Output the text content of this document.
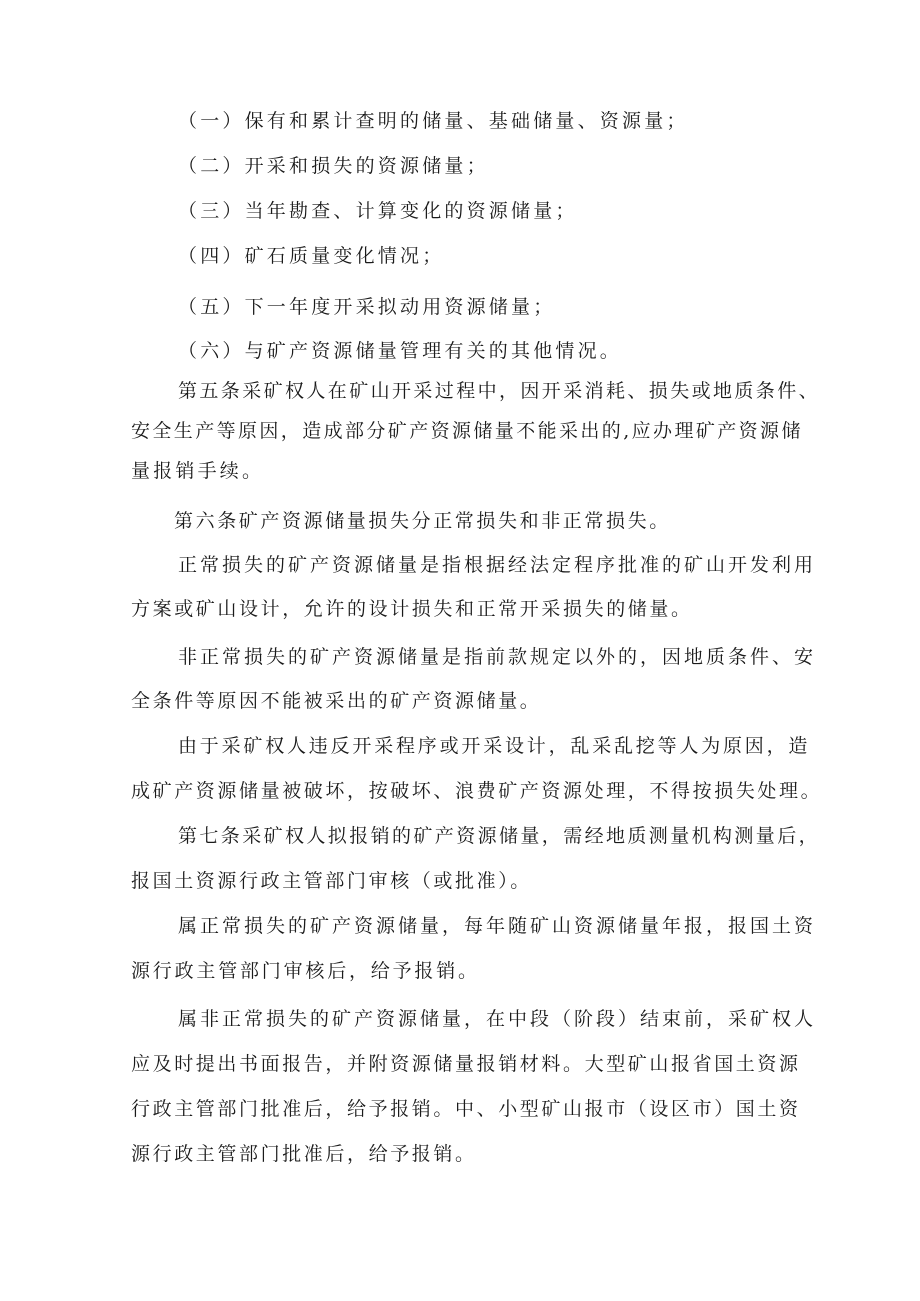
（一）保有和累计查明的储量、基础储量、资源量；
（二）开采和损失的资源储量；
（三）当年勘查、计算变化的资源储量；
（四）矿石质量变化情况；
（五）下一年度开采拟动用资源储量；
（六）与矿产资源储量管理有关的其他情况。
第五条采矿权人在矿山开采过程中，因开采消耗、损失或地质条件、
安全生产等原因，造成部分矿产资源储量不能采出的,应办理矿产资源储
量报销手续。
第六条矿产资源储量损失分正常损失和非正常损失。
正常损失的矿产资源储量是指根据经法定程序批准的矿山开发利用
方案或矿山设计，允许的设计损失和正常开采损失的储量。
非正常损失的矿产资源储量是指前款规定以外的，因地质条件、安
全条件等原因不能被采出的矿产资源储量。
由于采矿权人违反开采程序或开采设计，乱采乱挖等人为原因，造
成矿产资源储量被破坏，按破坏、浪费矿产资源处理，不得按损失处理。
第七条采矿权人拟报销的矿产资源储量，需经地质测量机构测量后，
报国土资源行政主管部门审核（或批准）。
属正常损失的矿产资源储量，每年随矿山资源储量年报，报国土资
源行政主管部门审核后，给予报销。
属非正常损失的矿产资源储量，在中段（阶段）结束前，采矿权人
应及时提出书面报告，并附资源储量报销材料。大型矿山报省国土资源
行政主管部门批准后，给予报销。中、小型矿山报市（设区市）国土资
源行政主管部门批准后，给予报销。
